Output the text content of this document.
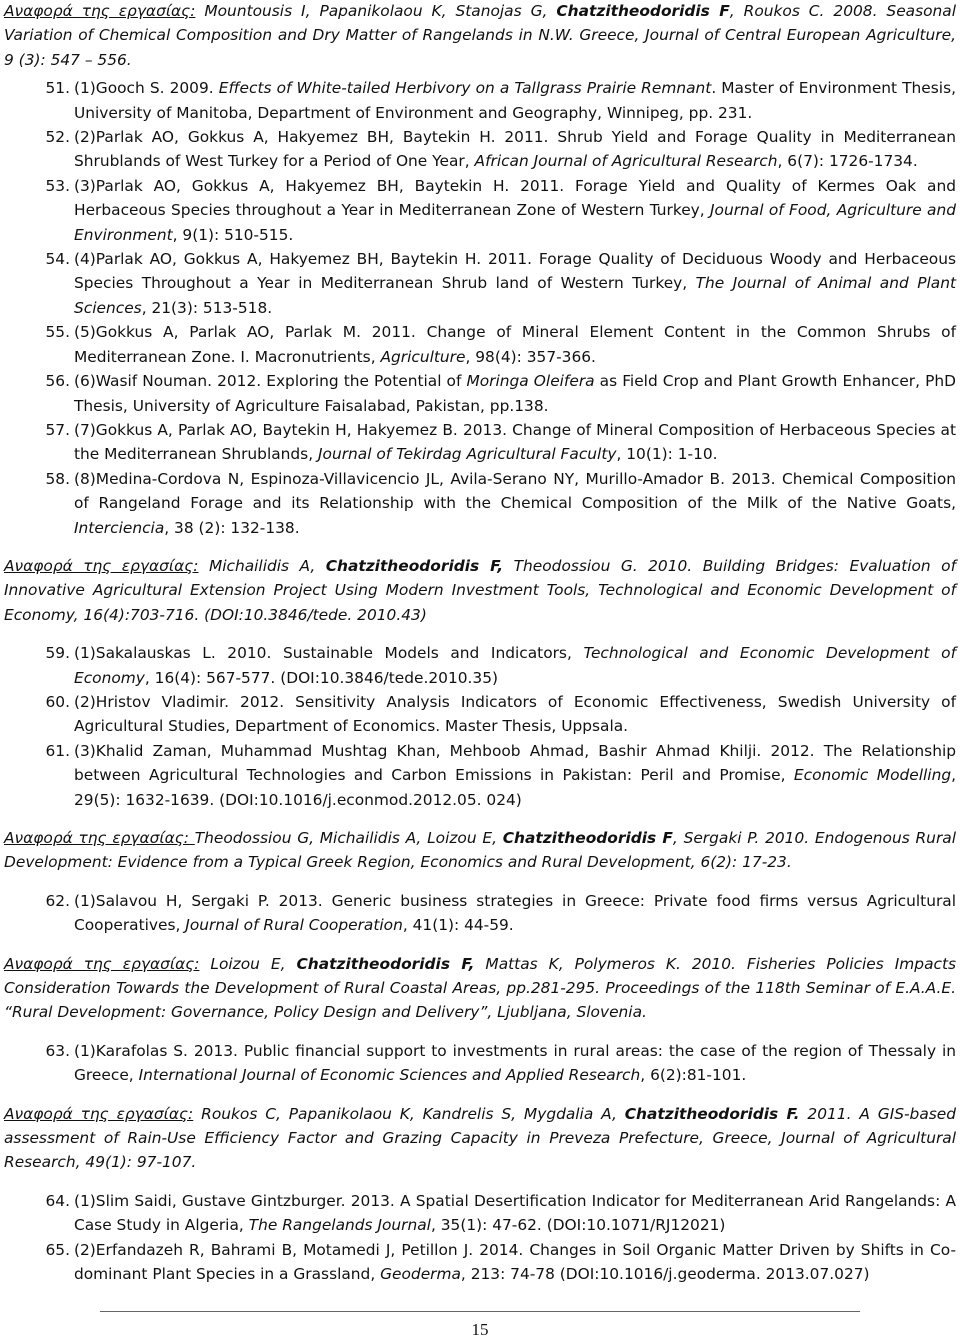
Αναφορά της εργασίας: Mountousis I, Papanikolaou K, Stanojas G, Chatzitheodoridis F, Roukos C. 2008. Seasonal Variation of Chemical Composition and Dry Matter of Rangelands in N.W. Greece, Journal of Central European Agriculture, 9 (3): 547 – 556.

51. (1)Gooch S. 2009. Effects of White-tailed Herbivory on a Tallgrass Prairie Remnant. Master of Environment Thesis, University of Manitoba, Department of Environment and Geography, Winnipeg, pp. 231.
52. (2)Parlak AO, Gokkus A, Hakyemez BH, Baytekin H. 2011. Shrub Yield and Forage Quality in Mediterranean Shrublands of West Turkey for a Period of One Year, African Journal of Agricultural Research, 6(7): 1726-1734.
53. (3)Parlak AO, Gokkus A, Hakyemez BH, Baytekin H. 2011. Forage Yield and Quality of Kermes Oak and Herbaceous Species throughout a Year in Mediterranean Zone of Western Turkey, Journal of Food, Agriculture and Environment, 9(1): 510-515.
54. (4)Parlak AO, Gokkus A, Hakyemez BH, Baytekin H. 2011. Forage Quality of Deciduous Woody and Herbaceous Species Throughout a Year in Mediterranean Shrub land of Western Turkey, The Journal of Animal and Plant Sciences, 21(3): 513-518.
55. (5)Gokkus A, Parlak AO, Parlak M. 2011. Change of Mineral Element Content in the Common Shrubs of Mediterranean Zone. I. Macronutrients, Agriculture, 98(4): 357-366.
56. (6)Wasif Nouman. 2012. Exploring the Potential of Moringa Oleifera as Field Crop and Plant Growth Enhancer, PhD Thesis, University of Agriculture Faisalabad, Pakistan, pp.138.
57. (7)Gokkus A, Parlak AO, Baytekin H, Hakyemez B. 2013. Change of Mineral Composition of Herbaceous Species at the Mediterranean Shrublands, Journal of Tekirdag Agricultural Faculty, 10(1): 1-10.
58. (8)Medina-Cordova N, Espinoza-Villavicencio JL, Avila-Serano NY, Murillo-Amador B. 2013. Chemical Composition of Rangeland Forage and its Relationship with the Chemical Composition of the Milk of the Native Goats, Interciencia, 38 (2): 132-138.

Αναφορά της εργασίας: Michailidis A, Chatzitheodoridis F, Theodossiou G. 2010. Building Bridges: Evaluation of Innovative Agricultural Extension Project Using Modern Investment Tools, Technological and Economic Development of Economy, 16(4):703-716. (DOI:10.3846/tede. 2010.43)

59. (1)Sakalauskas L. 2010. Sustainable Models and Indicators, Technological and Economic Development of Economy, 16(4): 567-577. (DOI:10.3846/tede.2010.35)
60. (2)Hristov Vladimir. 2012. Sensitivity Analysis Indicators of Economic Effectiveness, Swedish University of Agricultural Studies, Department of Economics. Master Thesis, Uppsala.
61. (3)Khalid Zaman, Muhammad Mushtag Khan, Mehboob Ahmad, Bashir Ahmad Khilji. 2012. The Relationship between Agricultural Technologies and Carbon Emissions in Pakistan: Peril and Promise, Economic Modelling, 29(5): 1632-1639. (DOI:10.1016/j.econmod.2012.05. 024)

Αναφορά της εργασίας: Theodossiou G, Michailidis A, Loizou E, Chatzitheodoridis F, Sergaki P. 2010. Endogenous Rural Development: Evidence from a Typical Greek Region, Economics and Rural Development, 6(2): 17-23.

62. (1)Salavou H, Sergaki P. 2013. Generic business strategies in Greece: Private food firms versus Agricultural Cooperatives, Journal of Rural Cooperation, 41(1): 44-59.

Αναφορά της εργασίας: Loizou E, Chatzitheodoridis F, Mattas K, Polymeros K. 2010. Fisheries Policies Impacts Consideration Towards the Development of Rural Coastal Areas, pp.281-295. Proceedings of the 118th Seminar of E.A.A.E. “Rural Development: Governance, Policy Design and Delivery”, Ljubljana, Slovenia.

63. (1)Karafolas S. 2013. Public financial support to investments in rural areas: the case of the region of Thessaly in Greece, International Journal of Economic Sciences and Applied Research, 6(2):81-101.

Αναφορά της εργασίας: Roukos C, Papanikolaou K, Kandrelis S, Mygdalia A, Chatzitheodoridis F. 2011. A GIS-based assessment of Rain-Use Efficiency Factor and Grazing Capacity in Preveza Prefecture, Greece, Journal of Agricultural Research, 49(1): 97-107.

64. (1)Slim Saidi, Gustave Gintzburger. 2013. A Spatial Desertification Indicator for Mediterranean Arid Rangelands: A Case Study in Algeria, The Rangelands Journal, 35(1): 47-62. (DOI:10.1071/RJ12021)
65. (2)Erfandazeh R, Bahrami B, Motamedi J, Petillon J. 2014. Changes in Soil Organic Matter Driven by Shifts in Co-dominant Plant Species in a Grassland, Geoderma, 213: 74-78 (DOI:10.1016/j.geoderma. 2013.07.027)
15
